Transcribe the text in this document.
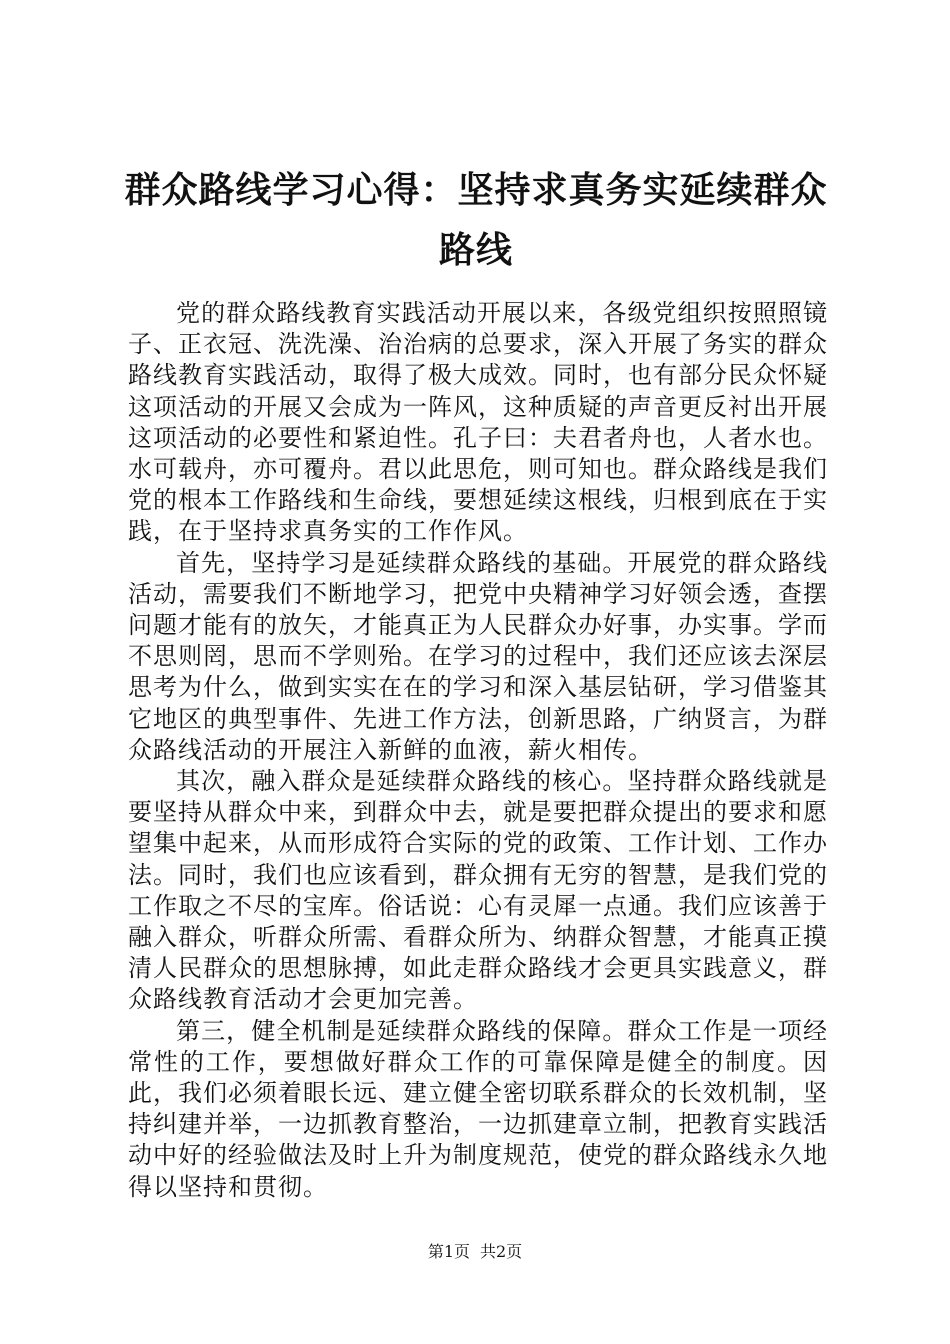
群众路线学习心得：坚持求真务实延续群众路线

党的群众路线教育实践活动开展以来，各级党组织按照照镜子、正衣冠、洗洗澡、治治病的总要求，深入开展了务实的群众路线教育实践活动，取得了极大成效。同时，也有部分民众怀疑这项活动的开展又会成为一阵风，这种质疑的声音更反衬出开展这项活动的必要性和紧迫性。孔子曰：夫君者舟也，人者水也。水可载舟，亦可覆舟。君以此思危，则可知也。群众路线是我们党的根本工作路线和生命线，要想延续这根线，归根到底在于实践，在于坚持求真务实的工作作风。

首先，坚持学习是延续群众路线的基础。开展党的群众路线活动，需要我们不断地学习，把党中央精神学习好领会透，查摆问题才能有的放矢，才能真正为人民群众办好事，办实事。学而不思则罔，思而不学则殆。在学习的过程中，我们还应该去深层思考为什么，做到实实在在的学习和深入基层钻研，学习借鉴其它地区的典型事件、先进工作方法，创新思路，广纳贤言，为群众路线活动的开展注入新鲜的血液，薪火相传。

其次，融入群众是延续群众路线的核心。坚持群众路线就是要坚持从群众中来，到群众中去，就是要把群众提出的要求和愿望集中起来，从而形成符合实际的党的政策、工作计划、工作办法。同时，我们也应该看到，群众拥有无穷的智慧，是我们党的工作取之不尽的宝库。俗话说：心有灵犀一点通。我们应该善于融入群众，听群众所需、看群众所为、纳群众智慧，才能真正摸清人民群众的思想脉搏，如此走群众路线才会更具实践意义，群众路线教育活动才会更加完善。

第三，健全机制是延续群众路线的保障。群众工作是一项经常性的工作，要想做好群众工作的可靠保障是健全的制度。因此，我们必须着眼长远、建立健全密切联系群众的长效机制，坚持纠建并举，一边抓教育整治，一边抓建章立制，把教育实践活动中好的经验做法及时上升为制度规范，使党的群众路线永久地得以坚持和贯彻。

第1页 共2页
